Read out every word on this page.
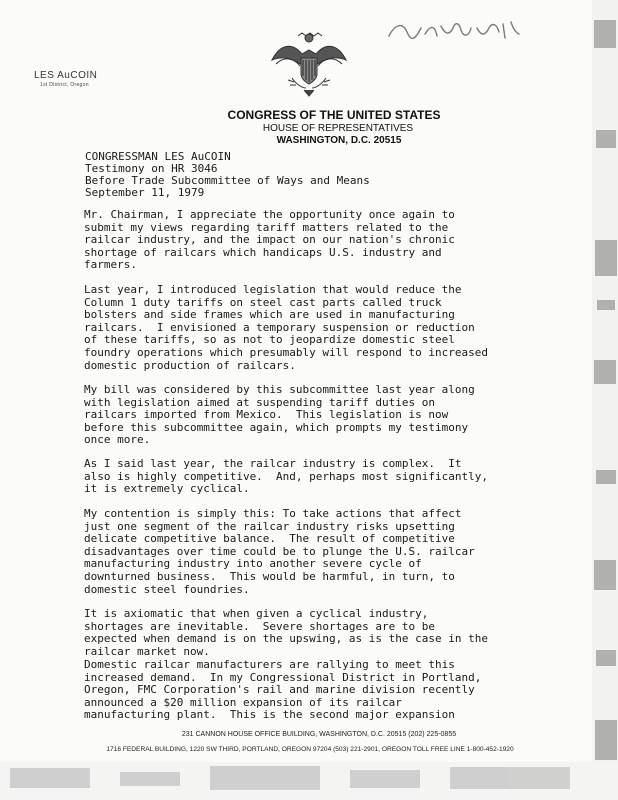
LES AuCOIN
1st District, Oregon
CONGRESS OF THE UNITED STATES
HOUSE OF REPRESENTATIVES
WASHINGTON, D.C. 20515
CONGRESSMAN LES AuCOIN
Testimony on HR 3046
Before Trade Subcommittee of Ways and Means
September 11, 1979
Mr. Chairman, I appreciate the opportunity once again to
submit my views regarding tariff matters related to the
railcar industry, and the impact on our nation's chronic
shortage of railcars which handicaps U.S. industry and
farmers.
Last year, I introduced legislation that would reduce the
Column 1 duty tariffs on steel cast parts called truck
bolsters and side frames which are used in manufacturing
railcars.  I envisioned a temporary suspension or reduction
of these tariffs, so as not to jeopardize domestic steel
foundry operations which presumably will respond to increased
domestic production of railcars.
My bill was considered by this subcommittee last year along
with legislation aimed at suspending tariff duties on
railcars imported from Mexico.  This legislation is now
before this subcommittee again, which prompts my testimony
once more.
As I said last year, the railcar industry is complex.  It
also is highly competitive.  And, perhaps most significantly,
it is extremely cyclical.
My contention is simply this: To take actions that affect
just one segment of the railcar industry risks upsetting
delicate competitive balance.  The result of competitive
disadvantages over time could be to plunge the U.S. railcar
manufacturing industry into another severe cycle of
downturned business.  This would be harmful, in turn, to
domestic steel foundries.
It is axiomatic that when given a cyclical industry,
shortages are inevitable.  Severe shortages are to be
expected when demand is on the upswing, as is the case in the
railcar market now.
Domestic railcar manufacturers are rallying to meet this
increased demand.  In my Congressional District in Portland,
Oregon, FMC Corporation's rail and marine division recently
announced a $20 million expansion of its railcar
manufacturing plant.  This is the second major expansion
231 CANNON HOUSE OFFICE BUILDING, WASHINGTON, D.C. 20515 (202) 225-0855
1716 FEDERAL BUILDING, 1220 SW THIRD, PORTLAND, OREGON 97204 (503) 221-2901, OREGON TOLL FREE LINE 1-800-452-1920
